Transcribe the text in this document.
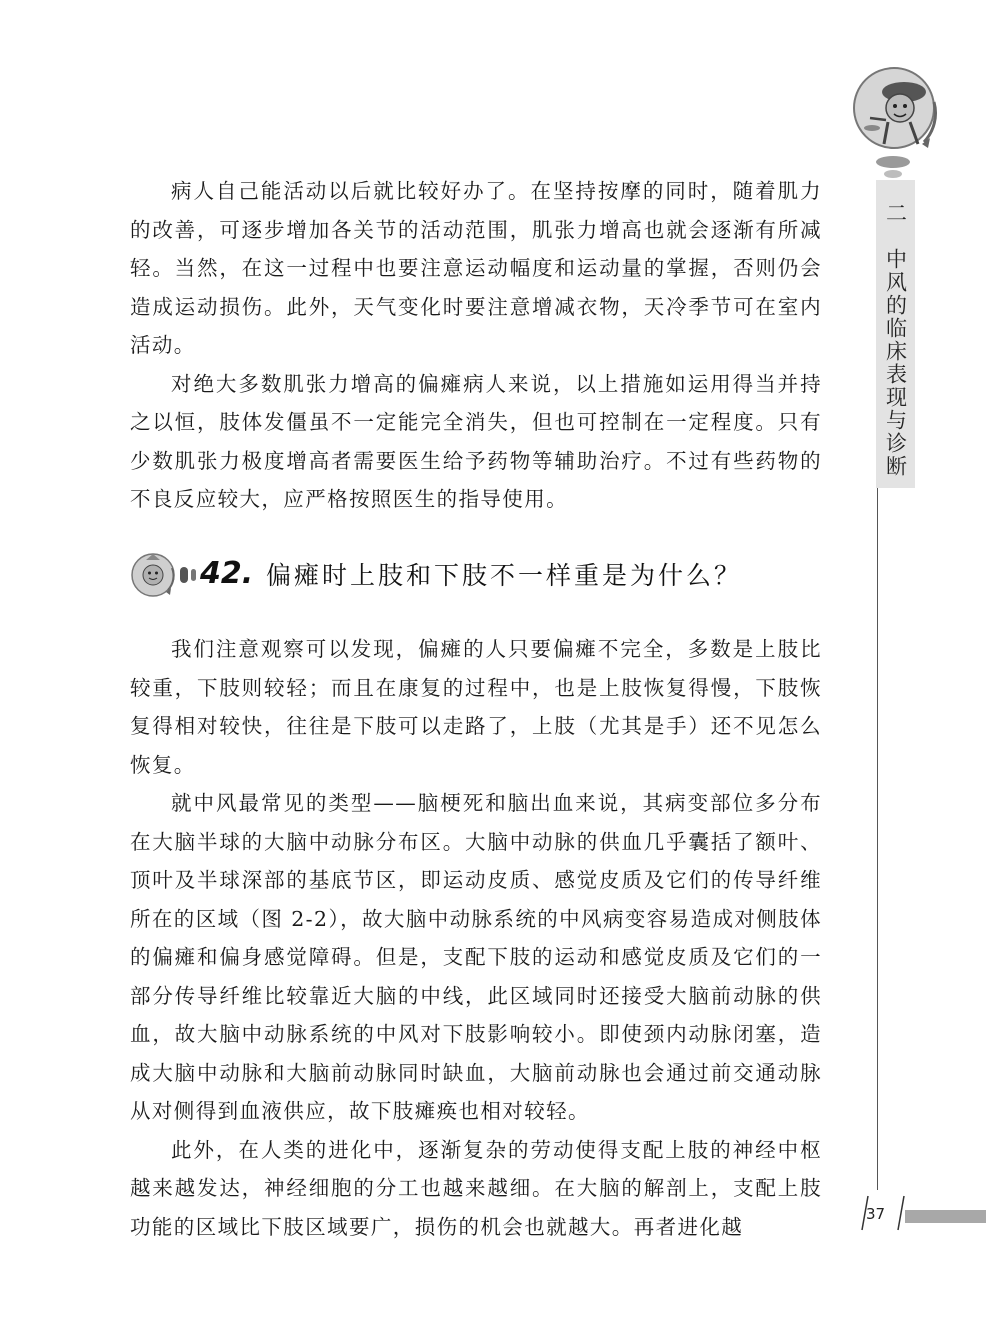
二　中风的临床表现与诊断

病人自己能活动以后就比较好办了。在坚持按摩的同时，随着肌力的改善，可逐步增加各关节的活动范围，肌张力增高也就会逐渐有所减轻。当然，在这一过程中也要注意运动幅度和运动量的掌握，否则仍会造成运动损伤。此外，天气变化时要注意增减衣物，天冷季节可在室内活动。

对绝大多数肌张力增高的偏瘫病人来说，以上措施如运用得当并持之以恒，肢体发僵虽不一定能完全消失，但也可控制在一定程度。只有少数肌张力极度增高者需要医生给予药物等辅助治疗。不过有些药物的不良反应较大，应严格按照医生的指导使用。

42. 偏瘫时上肢和下肢不一样重是为什么？

我们注意观察可以发现，偏瘫的人只要偏瘫不完全，多数是上肢比较重，下肢则较轻；而且在康复的过程中，也是上肢恢复得慢，下肢恢复得相对较快，往往是下肢可以走路了，上肢（尤其是手）还不见怎么恢复。

就中风最常见的类型——脑梗死和脑出血来说，其病变部位多分布在大脑半球的大脑中动脉分布区。大脑中动脉的供血几乎囊括了额叶、顶叶及半球深部的基底节区，即运动皮质、感觉皮质及它们的传导纤维所在的区域（图 2-2），故大脑中动脉系统的中风病变容易造成对侧肢体的偏瘫和偏身感觉障碍。但是，支配下肢的运动和感觉皮质及它们的一部分传导纤维比较靠近大脑的中线，此区域同时还接受大脑前动脉的供血，故大脑中动脉系统的中风对下肢影响较小。即使颈内动脉闭塞，造成大脑中动脉和大脑前动脉同时缺血，大脑前动脉也会通过前交通动脉从对侧得到血液供应，故下肢瘫痪也相对较轻。

此外，在人类的进化中，逐渐复杂的劳动使得支配上肢的神经中枢越来越发达，神经细胞的分工也越来越细。在大脑的解剖上，支配上肢功能的区域比下肢区域要广，损伤的机会也就越大。再者进化越

37
